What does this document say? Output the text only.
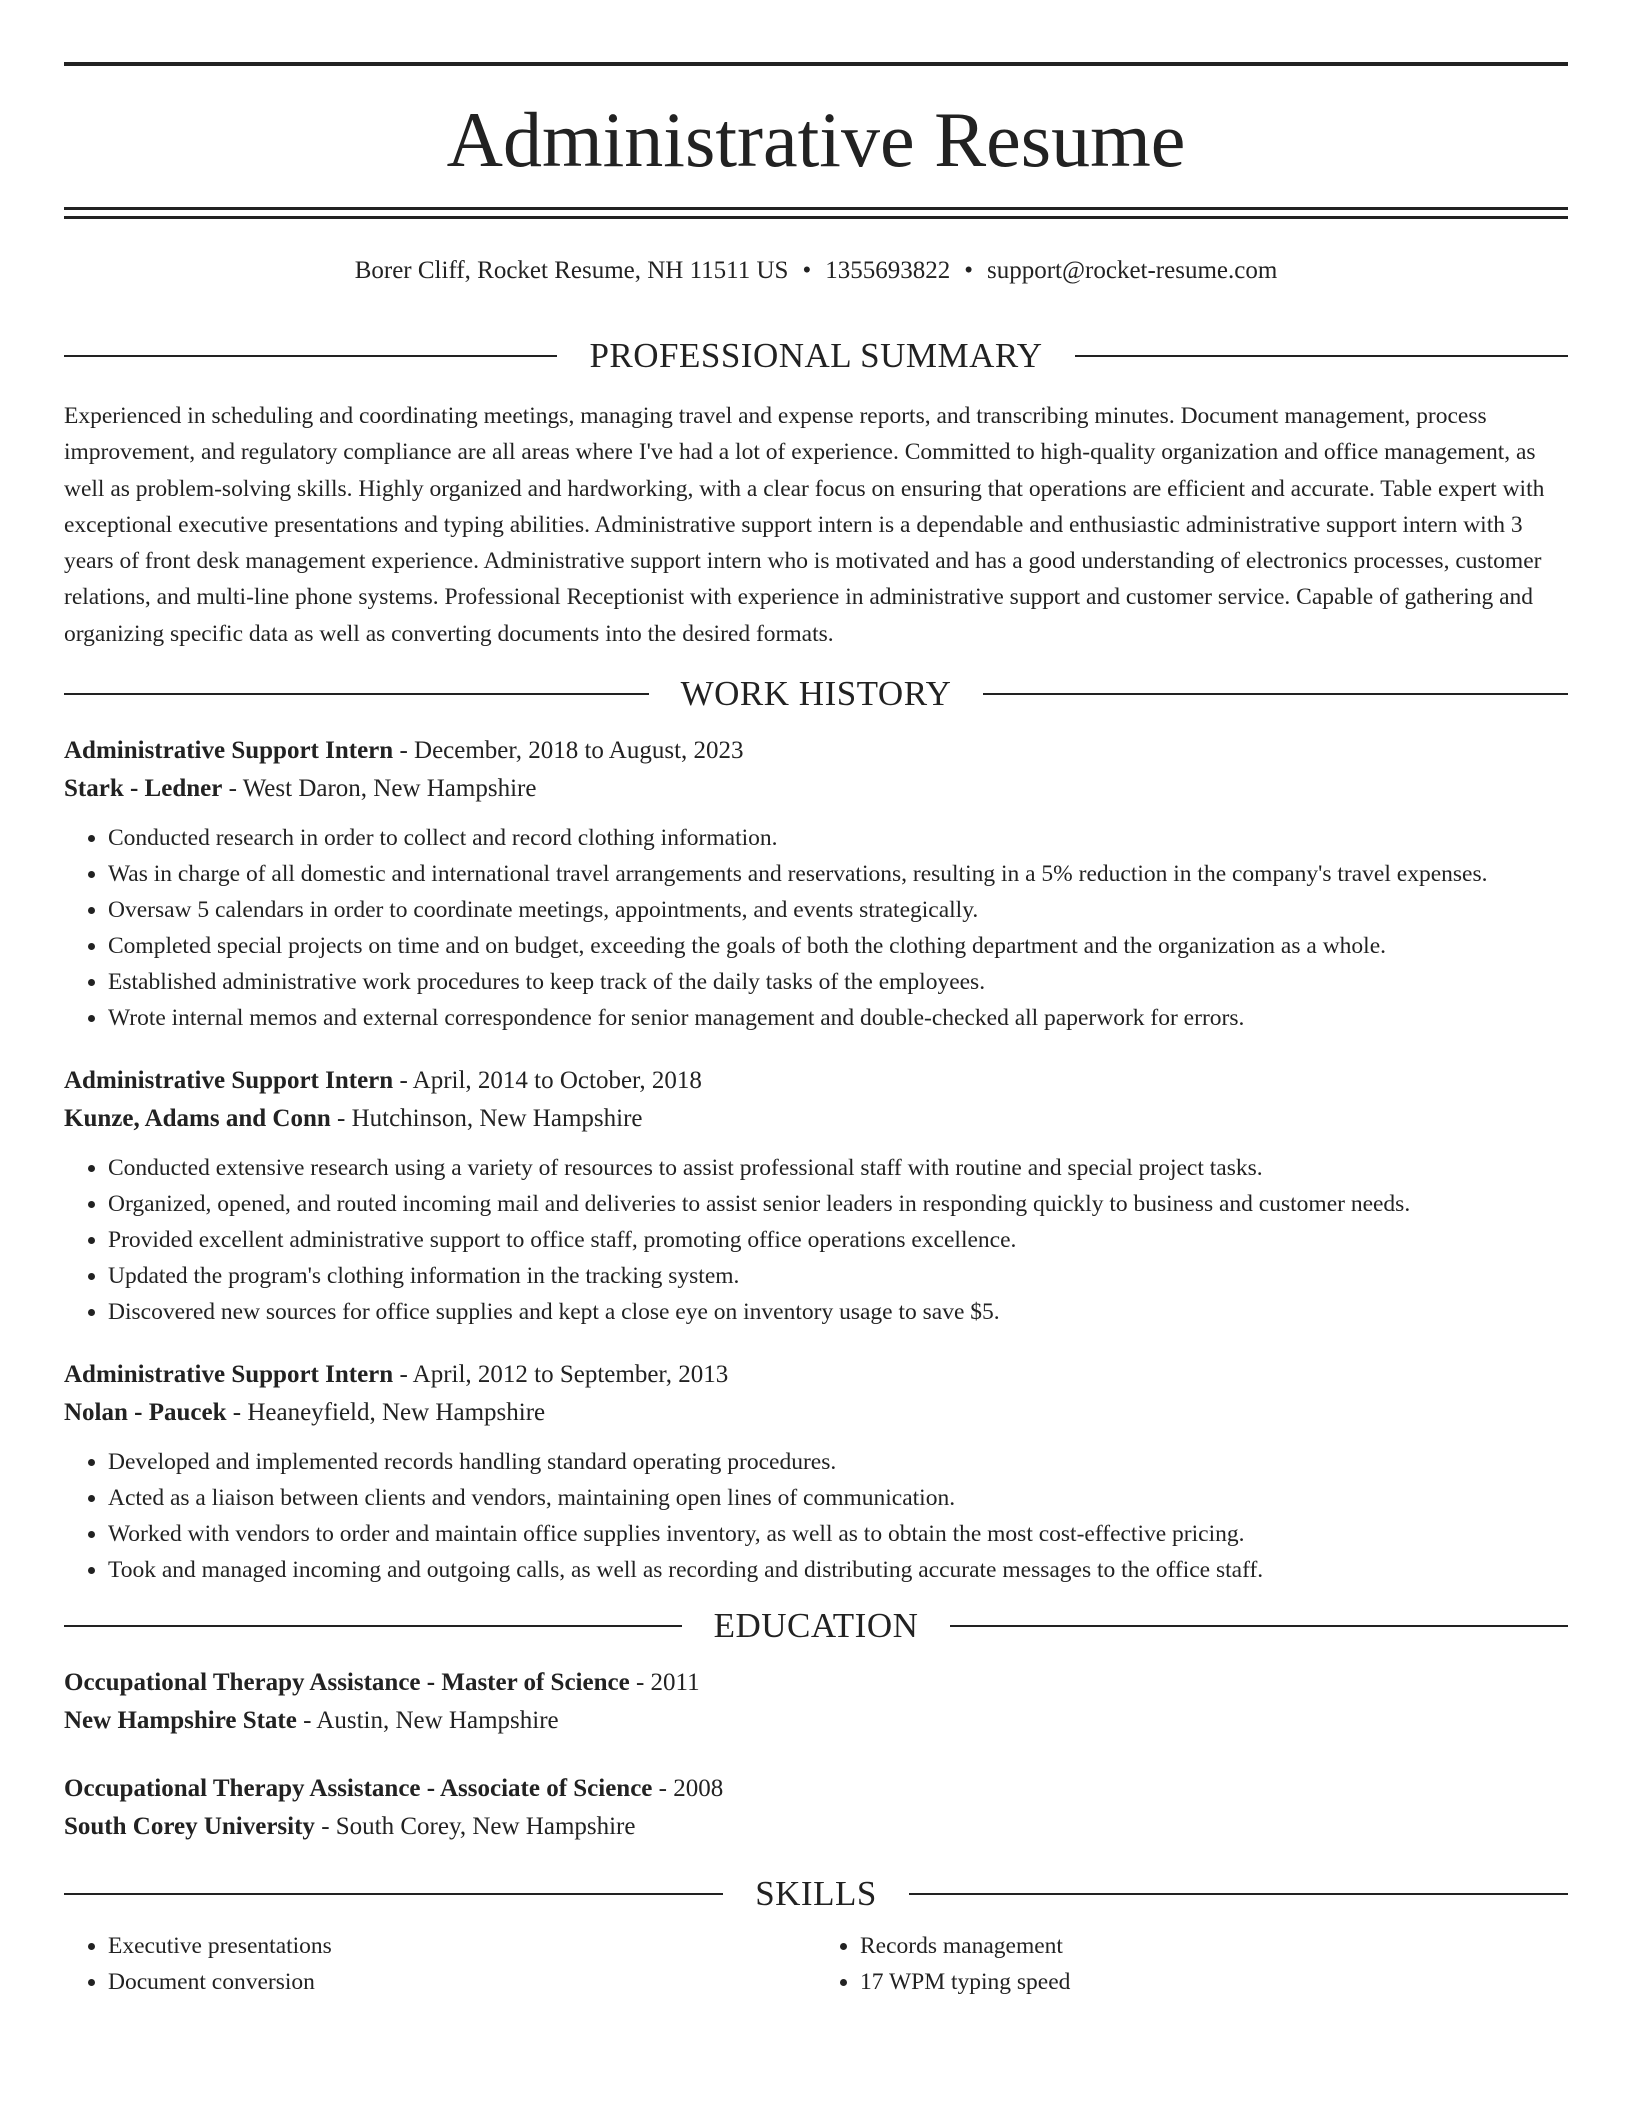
Administrative Resume
Borer Cliff, Rocket Resume, NH 11511 US • 1355693822 • support@rocket-resume.com
PROFESSIONAL SUMMARY
Experienced in scheduling and coordinating meetings, managing travel and expense reports, and transcribing minutes. Document management, process improvement, and regulatory compliance are all areas where I've had a lot of experience. Committed to high-quality organization and office management, as well as problem-solving skills. Highly organized and hardworking, with a clear focus on ensuring that operations are efficient and accurate. Table expert with exceptional executive presentations and typing abilities. Administrative support intern is a dependable and enthusiastic administrative support intern with 3 years of front desk management experience. Administrative support intern who is motivated and has a good understanding of electronics processes, customer relations, and multi-line phone systems. Professional Receptionist with experience in administrative support and customer service. Capable of gathering and organizing specific data as well as converting documents into the desired formats.
WORK HISTORY
Administrative Support Intern - December, 2018 to August, 2023
Stark - Ledner - West Daron, New Hampshire
• Conducted research in order to collect and record clothing information.
• Was in charge of all domestic and international travel arrangements and reservations, resulting in a 5% reduction in the company's travel expenses.
• Oversaw 5 calendars in order to coordinate meetings, appointments, and events strategically.
• Completed special projects on time and on budget, exceeding the goals of both the clothing department and the organization as a whole.
• Established administrative work procedures to keep track of the daily tasks of the employees.
• Wrote internal memos and external correspondence for senior management and double-checked all paperwork for errors.
Administrative Support Intern - April, 2014 to October, 2018
Kunze, Adams and Conn - Hutchinson, New Hampshire
• Conducted extensive research using a variety of resources to assist professional staff with routine and special project tasks.
• Organized, opened, and routed incoming mail and deliveries to assist senior leaders in responding quickly to business and customer needs.
• Provided excellent administrative support to office staff, promoting office operations excellence.
• Updated the program's clothing information in the tracking system.
• Discovered new sources for office supplies and kept a close eye on inventory usage to save $5.
Administrative Support Intern - April, 2012 to September, 2013
Nolan - Paucek - Heaneyfield, New Hampshire
• Developed and implemented records handling standard operating procedures.
• Acted as a liaison between clients and vendors, maintaining open lines of communication.
• Worked with vendors to order and maintain office supplies inventory, as well as to obtain the most cost-effective pricing.
• Took and managed incoming and outgoing calls, as well as recording and distributing accurate messages to the office staff.
EDUCATION
Occupational Therapy Assistance - Master of Science - 2011
New Hampshire State - Austin, New Hampshire
Occupational Therapy Assistance - Associate of Science - 2008
South Corey University - South Corey, New Hampshire
SKILLS
• Executive presentations
• Document conversion
• Records management
• 17 WPM typing speed
